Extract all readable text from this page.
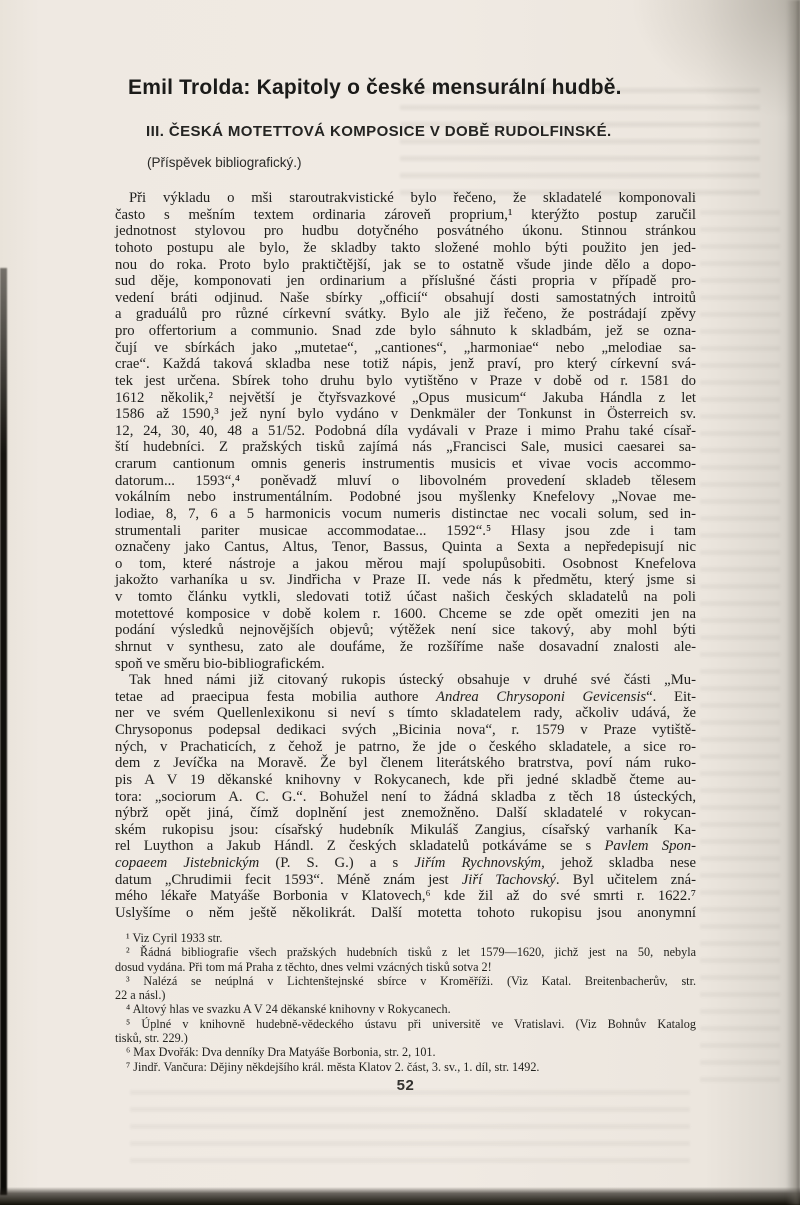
Emil Trolda: Kapitoly o české mensurální hudbě.
III. ČESKÁ MOTETTOVÁ KOMPOSICE V DOBĚ RUDOLFINSKÉ.
(Příspěvek bibliografický.)
Při výkladu o mši staroutrakvistické bylo řečeno, že skladatelé komponovali
často s mešním textem ordinaria zároveň proprium,¹ kterýžto postup zaručil
jednotnost stylovou pro hudbu dotyčného posvátného úkonu. Stinnou stránkou
tohoto postupu ale bylo, že skladby takto složené mohlo býti použito jen jed-
nou do roka. Proto bylo praktičtější, jak se to ostatně všude jinde dělo a dopo-
sud děje, komponovati jen ordinarium a příslušné části propria v případě pro-
vedení bráti odjinud. Naše sbírky „officií“ obsahují dosti samostatných introitů
a graduálů pro různé církevní svátky. Bylo ale již řečeno, že postrádají zpěvy
pro offertorium a communio. Snad zde bylo sáhnuto k skladbám, jež se ozna-
čují ve sbírkách jako „mutetae“, „cantiones“, „harmoniae“ nebo „melodiae sa-
crae“. Každá taková skladba nese totiž nápis, jenž praví, pro který církevní svá-
tek jest určena. Sbírek toho druhu bylo vytištěno v Praze v době od r. 1581 do
1612 několik,² největší je čtyřsvazkové „Opus musicum“ Jakuba Hándla z let
1586 až 1590,³ jež nyní bylo vydáno v Denkmäler der Tonkunst in Österreich sv.
12, 24, 30, 40, 48 a 51/52. Podobná díla vydávali v Praze i mimo Prahu také císař-
ští hudebníci. Z pražských tisků zajímá nás „Francisci Sale, musici caesarei sa-
crarum cantionum omnis generis instrumentis musicis et vivae vocis accommo-
datorum... 1593“,⁴ poněvadž mluví o libovolném provedení skladeb tělesem
vokálním nebo instrumentálním. Podobné jsou myšlenky Knefelovy „Novae me-
lodiae, 8, 7, 6 a 5 harmonicis vocum numeris distinctae nec vocali solum, sed in-
strumentali pariter musicae accommodatae... 1592“.⁵ Hlasy jsou zde i tam
označeny jako Cantus, Altus, Tenor, Bassus, Quinta a Sexta a nepředepisují nic
o tom, které nástroje a jakou měrou mají spolupůsobiti. Osobnost Knefelova
jakožto varhaníka u sv. Jindřicha v Praze II. vede nás k předmětu, který jsme si
v tomto článku vytkli, sledovati totiž účast našich českých skladatelů na poli
motettové komposice v době kolem r. 1600. Chceme se zde opět omeziti jen na
podání výsledků nejnovějších objevů; výtěžek není sice takový, aby mohl býti
shrnut v synthesu, zato ale doufáme, že rozšíříme naše dosavadní znalosti ale-
spoň ve směru bio-bibliografickém.
Tak hned námi již citovaný rukopis ústecký obsahuje v druhé své části „Mu-
tetae ad praecipua festa mobilia authore Andrea Chrysoponi Gevicensis“. Eit-
ner ve svém Quellenlexikonu si neví s tímto skladatelem rady, ačkoliv udává, že
Chrysoponus podepsal dedikaci svých „Bicinia nova“, r. 1579 v Praze vytiště-
ných, v Prachaticích, z čehož je patrno, že jde o českého skladatele, a sice ro-
dem z Jevíčka na Moravě. Že byl členem literátského bratrstva, poví nám ruko-
pis A V 19 děkanské knihovny v Rokycanech, kde při jedné skladbě čteme au-
tora: „sociorum A. C. G.“. Bohužel není to žádná skladba z těch 18 ústeckých,
nýbrž opět jiná, čímž doplnění jest znemožněno. Další skladatelé v rokycan-
ském rukopisu jsou: císařský hudebník Mikuláš Zangius, císařský varhaník Ka-
rel Luython a Jakub Hándl. Z českých skladatelů potkáváme se s Pavlem Spon-
copaeem Jistebnickým (P. S. G.) a s Jiřím Rychnovským, jehož skladba nese
datum „Chrudimii fecit 1593“. Méně znám jest Jiří Tachovský. Byl učitelem zná-
mého lékaře Matyáše Borbonia v Klatovech,⁶ kde žil až do své smrti r. 1622.⁷
Uslyšíme o něm ještě několikrát. Další motetta tohoto rukopisu jsou anonymní
¹ Viz Cyril 1933 str.
² Řádná bibliografie všech pražských hudebních tisků z let 1579—1620, jichž jest na 50, nebyla
dosud vydána. Při tom má Praha z těchto, dnes velmi vzácných tisků sotva 2!
³ Nalézá se neúplná v Lichtenštejnské sbírce v Kroměříži. (Viz Katal. Breitenbacherův, str.
22 a násl.)
⁴ Altový hlas ve svazku A V 24 děkanské knihovny v Rokycanech.
⁵ Úplné v knihovně hudebně-vědeckého ústavu při universitě ve Vratislavi. (Viz Bohnův Katalog
tisků, str. 229.)
⁶ Max Dvořák: Dva denníky Dra Matyáše Borbonia, str. 2, 101.
⁷ Jindř. Vančura: Dějiny někdejšího král. města Klatov 2. část, 3. sv., 1. díl, str. 1492.
52
